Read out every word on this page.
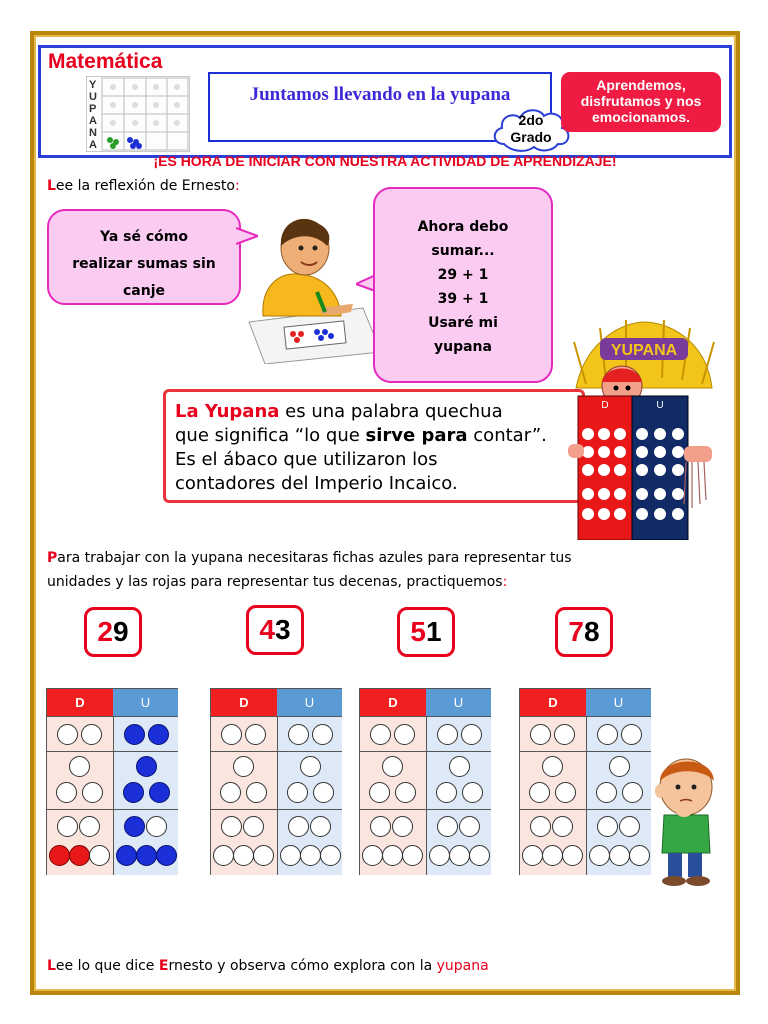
Matemática
Y
U
P
A
N
A
Juntamos llevando en la yupana
2do
Grado
Aprendemos,
disfrutamos y nos
emocionamos.
¡ES HORA DE INICIAR CON NUESTRA ACTIVIDAD DE APRENDIZAJE!
Lee la reflexión de Ernesto:
Ya sé cómo
realizar sumas sin
canje
Ahora debo
sumar...
29 + 1
39 + 1
Usaré mi
yupana
La Yupana es una palabra quechua
que significa “lo que sirve para contar”.
Es el ábaco que utilizaron los
contadores del Imperio Incaico.
YUPANA
D	U
Para trabajar con la yupana necesitaras fichas azules para representar tus
unidades y las rojas para representar tus decenas, practiquemos:
29	43	51	78
D	U	D	U	D	U	D	U
Lee lo que dice Ernesto y observa cómo explora con la yupana
